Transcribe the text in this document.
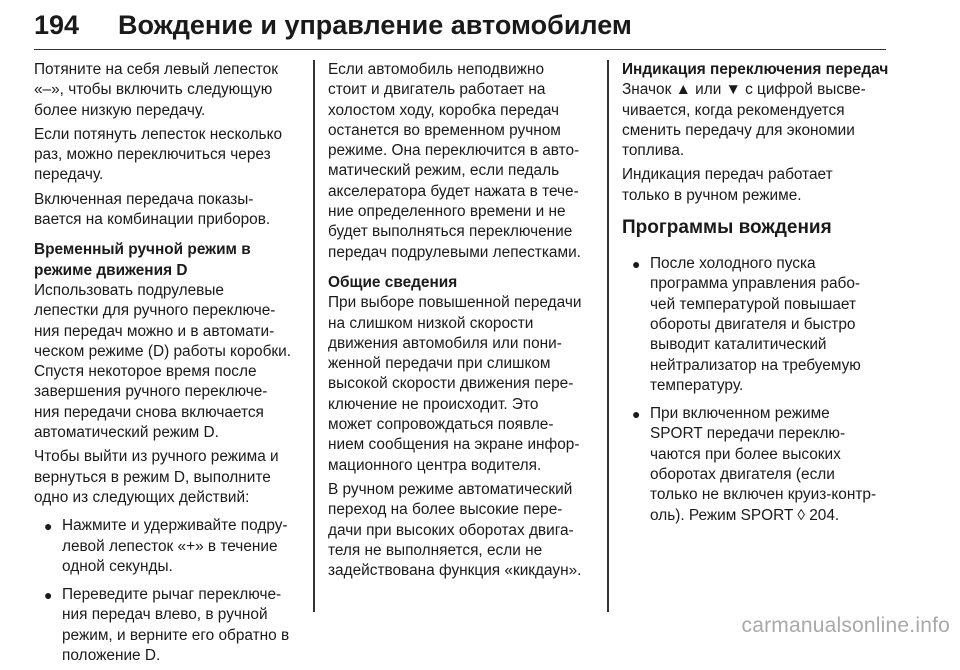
194 Вождение и управление автомобилем

Потяните на себя левый лепесток
«–», чтобы включить следующую
более низкую передачу.

Если потянуть лепесток несколько
раз, можно переключиться через
передачу.

Включенная передача показы-
вается на комбинации приборов.

Временный ручной режим в
режиме движения D

Использовать подрулевые
лепестки для ручного переключе-
ния передач можно и в автомати-
ческом режиме (D) работы коробки.
Спустя некоторое время после
завершения ручного переключе-
ния передачи снова включается
автоматический режим D.

Чтобы выйти из ручного режима и
вернуться в режим D, выполните
одно из следующих действий:

● Нажмите и удерживайте подру-
левой лепесток «+» в течение
одной секунды.
● Переведите рычаг переключе-
ния передач влево, в ручной
режим, и верните его обратно в
положение D.

Если автомобиль неподвижно
стоит и двигатель работает на
холостом ходу, коробка передач
останется во временном ручном
режиме. Она переключится в авто-
матический режим, если педаль
акселератора будет нажата в тече-
ние определенного времени и не
будет выполняться переключение
передач подрулевыми лепестками.

Общие сведения

При выборе повышенной передачи
на слишком низкой скорости
движения автомобиля или пони-
женной передачи при слишком
высокой скорости движения пере-
ключение не происходит. Это
может сопровождаться появле-
нием сообщения на экране инфор-
мационного центра водителя.

В ручном режиме автоматический
переход на более высокие пере-
дачи при высоких оборотах двига-
теля не выполняется, если не
задействована функция «кикдаун».

Индикация переключения передач

Значок ▲ или ▼ с цифрой высве-
чивается, когда рекомендуется
сменить передачу для экономии
топлива.

Индикация передач работает
только в ручном режиме.

Программы вождения
● После холодного пуска
программа управления рабо-
чей температурой повышает
обороты двигателя и быстро
выводит каталитический
нейтрализатор на требуемую
температуру.
● При включенном режиме
SPORT передачи переклю-
чаются при более высоких
оборотах двигателя (если
только не включен круиз-контр-
оль). Режим SPORT ◊ 204.
carmanualsonline.info
